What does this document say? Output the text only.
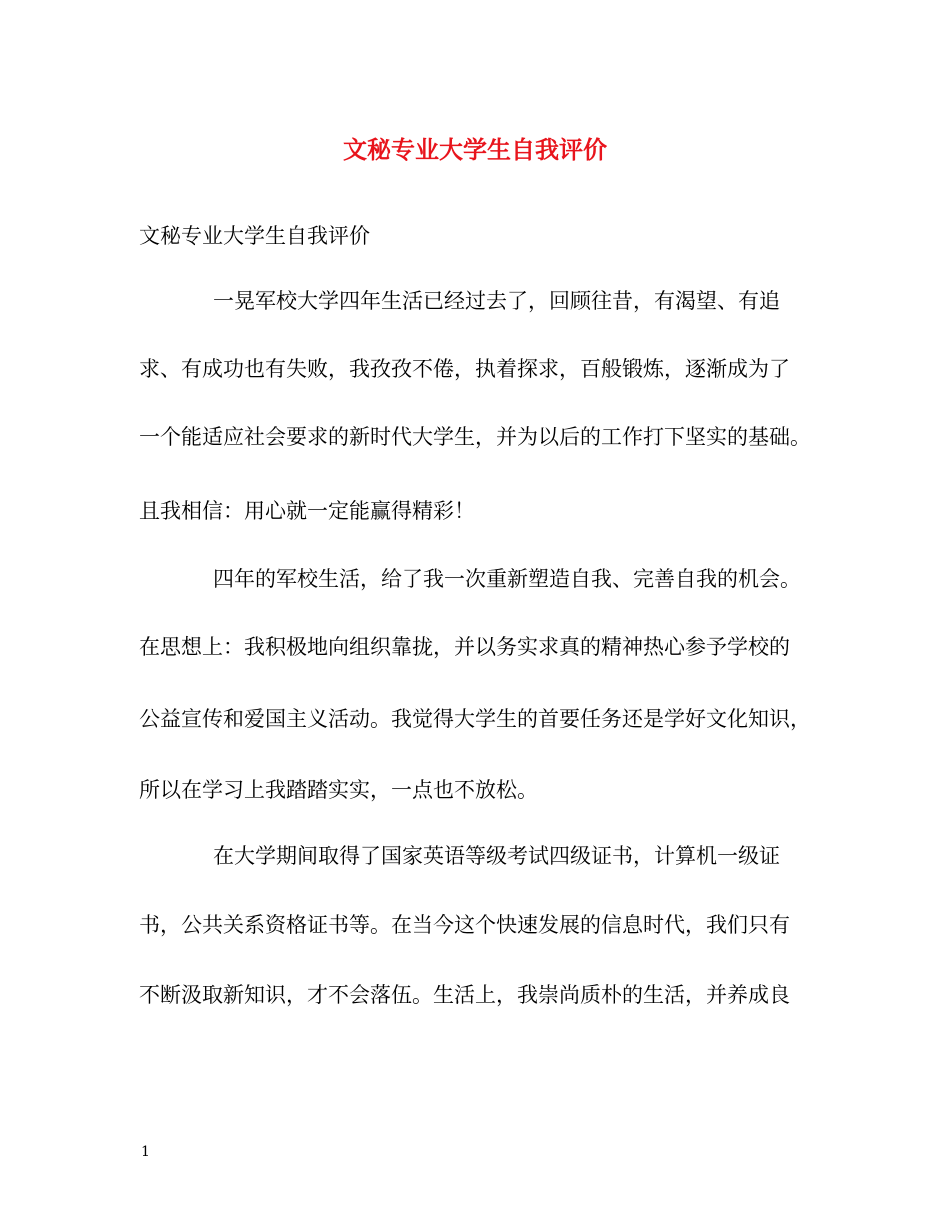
文秘专业大学生自我评价

文秘专业大学生自我评价

一晃军校大学四年生活已经过去了，回顾往昔，有渴望、有追

求、有成功也有失败，我孜孜不倦，执着探求，百般锻炼，逐渐成为了

一个能适应社会要求的新时代大学生，并为以后的工作打下坚实的基础。

且我相信：用心就一定能赢得精彩！

四年的军校生活，给了我一次重新塑造自我、完善自我的机会。

在思想上：我积极地向组织靠拢，并以务实求真的精神热心参予学校的

公益宣传和爱国主义活动。我觉得大学生的首要任务还是学好文化知识，

所以在学习上我踏踏实实，一点也不放松。

在大学期间取得了国家英语等级考试四级证书，计算机一级证

书，公共关系资格证书等。在当今这个快速发展的信息时代，我们只有

不断汲取新知识，才不会落伍。生活上，我崇尚质朴的生活，并养成良

1
